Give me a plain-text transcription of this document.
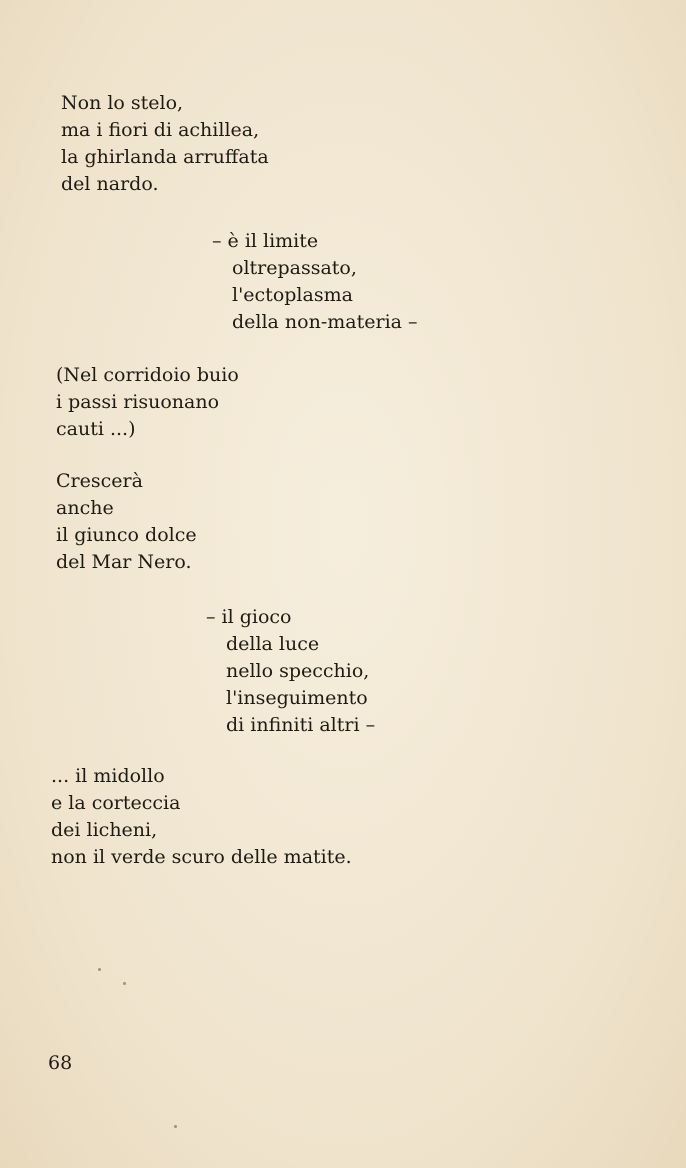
Non lo stelo,
ma i fiori di achillea,
la ghirlanda arruffata
del nardo.
– è il limite
oltrepassato,
l'ectoplasma
della non-materia –
(Nel corridoio buio
i passi risuonano
cauti ...)
Crescerà
anche
il giunco dolce
del Mar Nero.
– il gioco
della luce
nello specchio,
l'inseguimento
di infiniti altri –
... il midollo
e la corteccia
dei licheni,
non il verde scuro delle matite.
68
